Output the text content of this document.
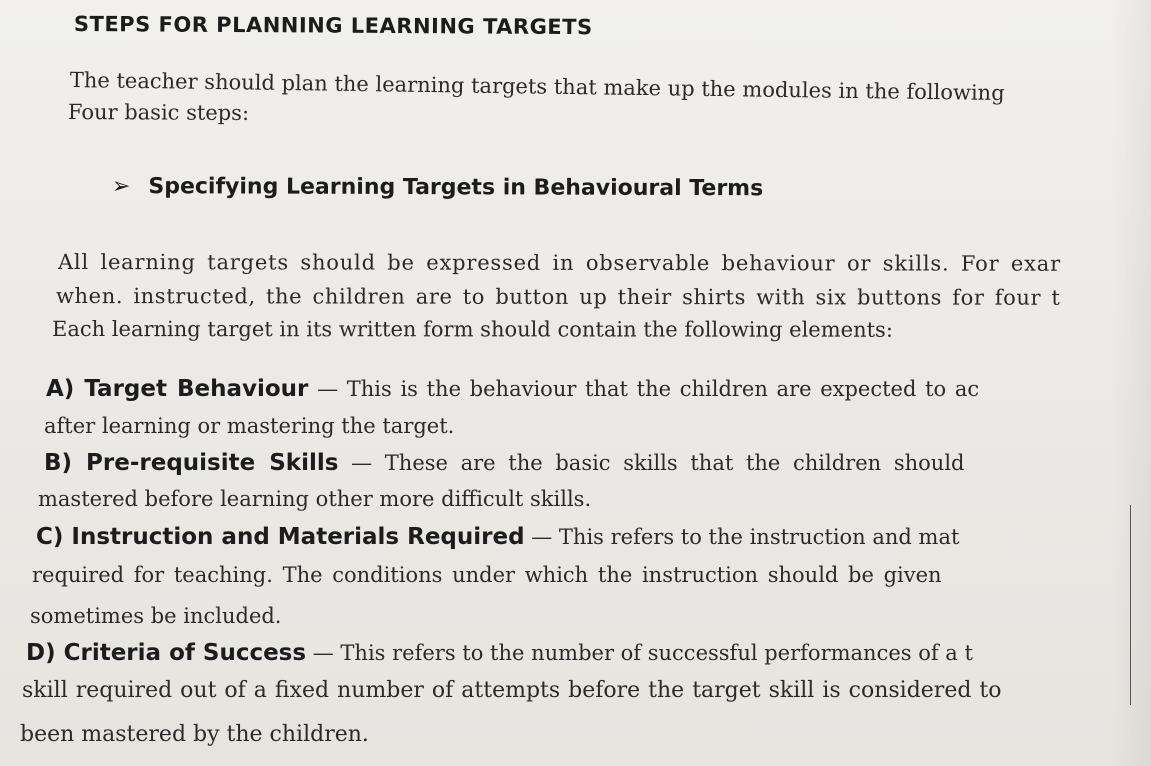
STEPS FOR PLANNING LEARNING TARGETS
The teacher should plan the learning targets that make up the modules in the following
Four basic steps:
➢ Specifying Learning Targets in Behavioural Terms
All learning targets should be expressed in observable behaviour or skills. For exar
when. instructed, the children are to button up their shirts with six buttons for four t
Each learning target in its written form should contain the following elements:
A) Target Behaviour — This is the behaviour that the children are expected to ac
after learning or mastering the target.
B) Pre-requisite Skills — These are the basic skills that the children should
mastered before learning other more difficult skills.
C) Instruction and Materials Required — This refers to the instruction and mat
required for teaching. The conditions under which the instruction should be given
sometimes be included.
D) Criteria of Success — This refers to the number of successful performances of a t
skill required out of a fixed number of attempts before the target skill is considered to
been mastered by the children.
